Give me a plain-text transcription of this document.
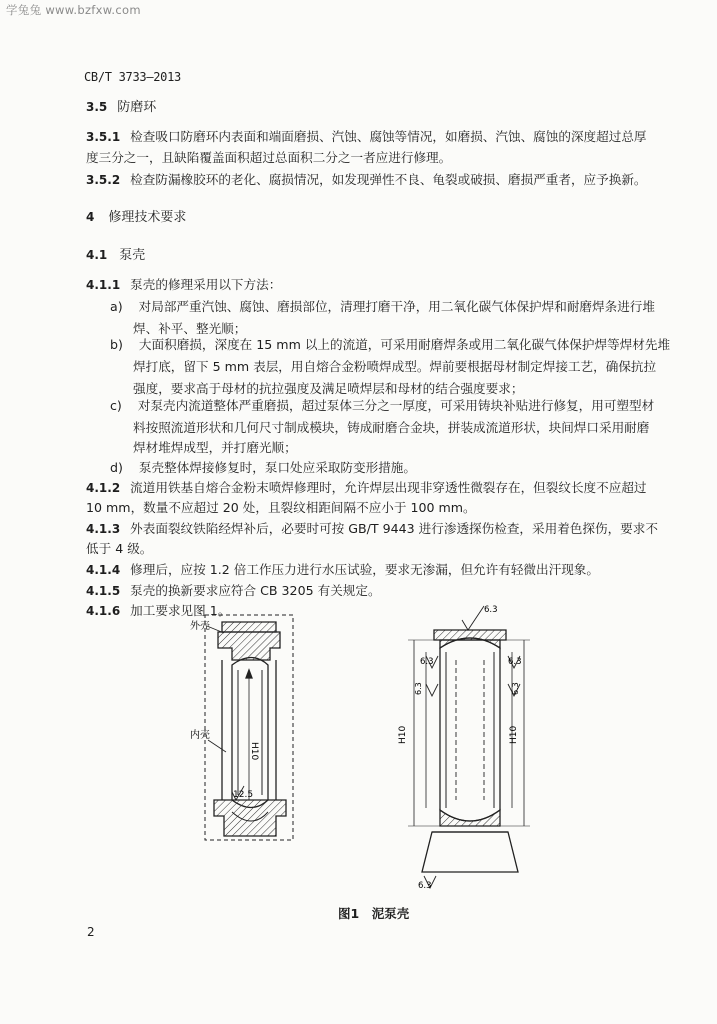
学兔兔 www.bzfxw.com
CB/T 3733—2013
3.5 防磨环
3.5.1 检查吸口防磨环内表面和端面磨损、汽蚀、腐蚀等情况，如磨损、汽蚀、腐蚀的深度超过总厚
度三分之一，且缺陷覆盖面积超过总面积二分之一者应进行修理。
3.5.2 检查防漏橡胶环的老化、腐损情况，如发现弹性不良、龟裂或破损、磨损严重者，应予换新。
4 修理技术要求
4.1 泵壳
4.1.1 泵壳的修理采用以下方法：
a) 对局部严重汽蚀、腐蚀、磨损部位，清理打磨干净，用二氧化碳气体保护焊和耐磨焊条进行堆
焊、补平、整光顺；
b) 大面积磨损，深度在 15 mm 以上的流道，可采用耐磨焊条或用二氧化碳气体保护焊等焊材先堆
焊打底，留下 5 mm 表层，用自熔合金粉喷焊成型。焊前要根据母材制定焊接工艺，确保抗拉
强度，要求高于母材的抗拉强度及满足喷焊层和母材的结合强度要求；
c) 对泵壳内流道整体严重磨损，超过泵体三分之一厚度，可采用铸块补贴进行修复，用可塑型材
料按照流道形状和几何尺寸制成模块，铸成耐磨合金块，拼装成流道形状，块间焊口采用耐磨
焊材堆焊成型，并打磨光顺；
d) 泵壳整体焊接修复时，泵口处应采取防变形措施。
4.1.2 流道用铁基自熔合金粉末喷焊修理时，允许焊层出现非穿透性微裂存在，但裂纹长度不应超过
10 mm，数量不应超过 20 处，且裂纹相距间隔不应小于 100 mm。
4.1.3 外表面裂纹铁陷经焊补后，必要时可按 GB/T 9443 进行渗透探伤检查，采用着色探伤，要求不
低于 4 级。
4.1.4 修理后，应按 1.2 倍工作压力进行水压试验，要求无渗漏，但允许有轻微出汗现象。
4.1.5 泵壳的换新要求应符合 CB 3205 有关规定。
4.1.6 加工要求见图 1。
外壳
内壳
H10
12.5
6.3
6.3
6.3
6.3
6.3
6.3
H10	H10
图1　泥泵壳
2
